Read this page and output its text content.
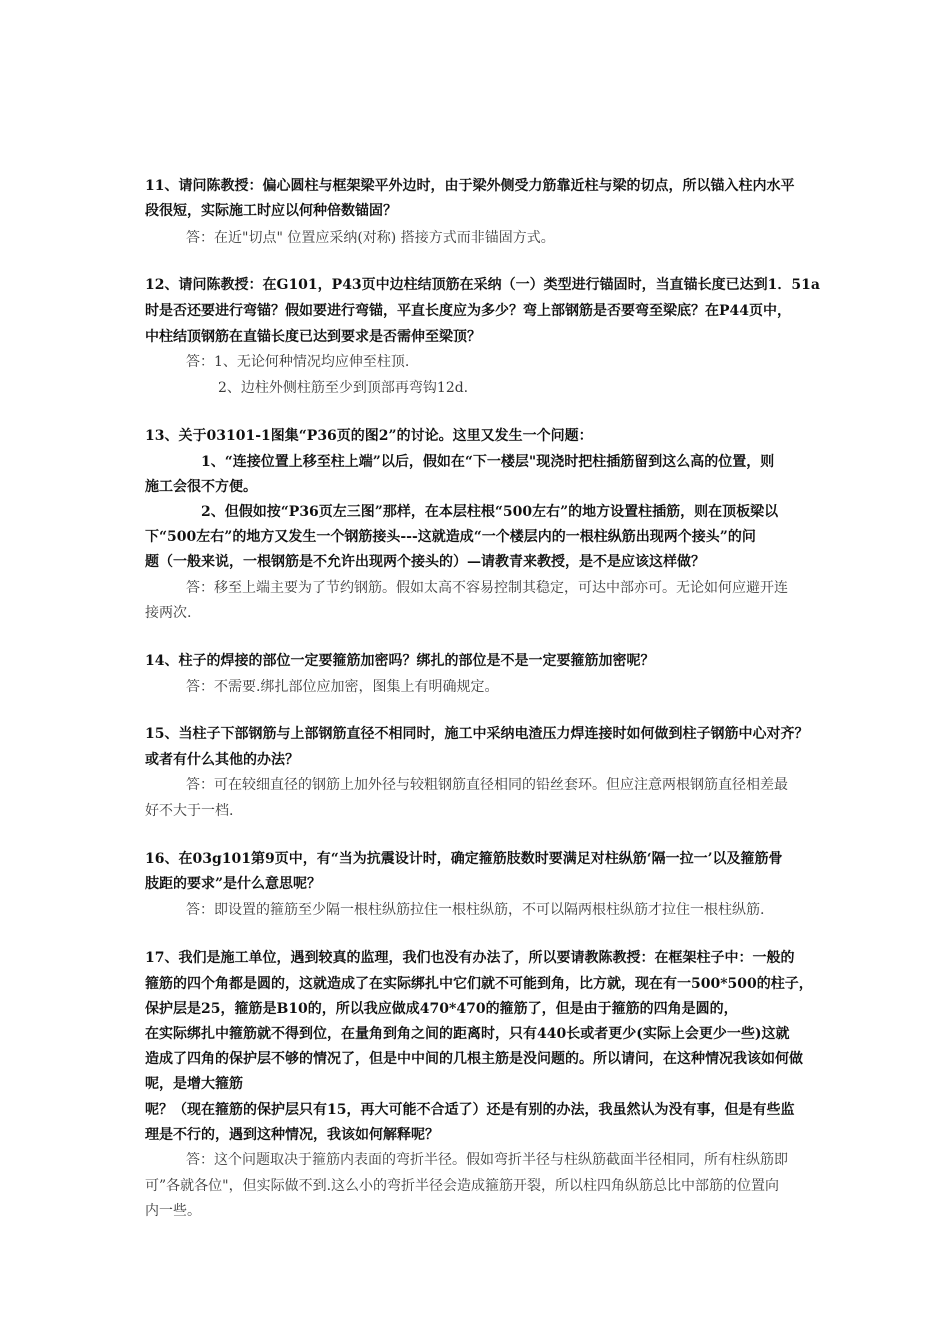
11、请问陈教授：偏心圆柱与框架梁平外边时，由于梁外侧受力筋靠近柱与梁的切点，所以锚入柱内水平
段很短，实际施工时应以何种倍数锚固？
答：在近"切点" 位置应采纳(对称) 搭接方式而非锚固方式。
12、请问陈教授：在G101，P43页中边柱结顶筋在采纳（一）类型进行锚固时，当直锚长度已达到1．51a
时是否还要进行弯锚？假如要进行弯锚，平直长度应为多少？弯上部钢筋是否要弯至梁底？在P44页中，
中柱结顶钢筋在直锚长度已达到要求是否需伸至梁顶？
答：1、无论何种情况均应伸至柱顶.
2、边柱外侧柱筋至少到顶部再弯钩12d.
13、关于03101-1图集“P36页的图2”的讨论。这里又发生一个问题：
1、“连接位置上移至柱上端”以后，假如在“下一楼层"现浇时把柱插筋留到这么高的位置，则
施工会很不方便。
2、但假如按“P36页左三图”那样，在本层柱根“500左右”的地方设置柱插筋，则在顶板梁以
下“500左右”的地方又发生一个钢筋接头---这就造成“一个楼层内的一根柱纵筋出现两个接头”的问
题（一般来说，一根钢筋是不允许出现两个接头的）—请教青来教授，是不是应该这样做？
答：移至上端主要为了节约钢筋。假如太高不容易控制其稳定，可达中部亦可。无论如何应避开连
接两次.
14、柱子的焊接的部位一定要箍筋加密吗？绑扎的部位是不是一定要箍筋加密呢？
答：不需要.绑扎部位应加密，图集上有明确规定。
15、当柱子下部钢筋与上部钢筋直径不相同时，施工中采纳电渣压力焊连接时如何做到柱子钢筋中心对齐？
或者有什么其他的办法？
答：可在较细直径的钢筋上加外径与较粗钢筋直径相同的铅丝套环。但应注意两根钢筋直径相差最
好不大于一档.
16、在03g101第9页中，有“当为抗震设计时，确定箍筋肢数时要满足对柱纵筋‘隔一拉一’以及箍筋骨
肢距的要求”是什么意思呢？
答：即设置的箍筋至少隔一根柱纵筋拉住一根柱纵筋，不可以隔两根柱纵筋才拉住一根柱纵筋.
17、我们是施工单位，遇到较真的监理，我们也没有办法了，所以要请教陈教授：在框架柱子中：一般的
箍筋的四个角都是圆的，这就造成了在实际绑扎中它们就不可能到角，比方就，现在有一500*500的柱子，
保护层是25，箍筋是B10的，所以我应做成470*470的箍筋了，但是由于箍筋的四角是圆的，
在实际绑扎中箍筋就不得到位，在量角到角之间的距离时，只有440长或者更少(实际上会更少一些)这就
造成了四角的保护层不够的情况了，但是中中间的几根主筋是没问题的。所以请问，在这种情况我该如何做
呢，是增大箍筋
呢？（现在箍筋的保护层只有15，再大可能不合适了）还是有别的办法，我虽然认为没有事，但是有些监
理是不行的，遇到这种情况，我该如何解释呢？
答：这个问题取决于箍筋内表面的弯折半径。假如弯折半径与柱纵筋截面半径相同，所有柱纵筋即
可”各就各位"，但实际做不到.这么小的弯折半径会造成箍筋开裂，所以柱四角纵筋总比中部筋的位置向
内一些。
